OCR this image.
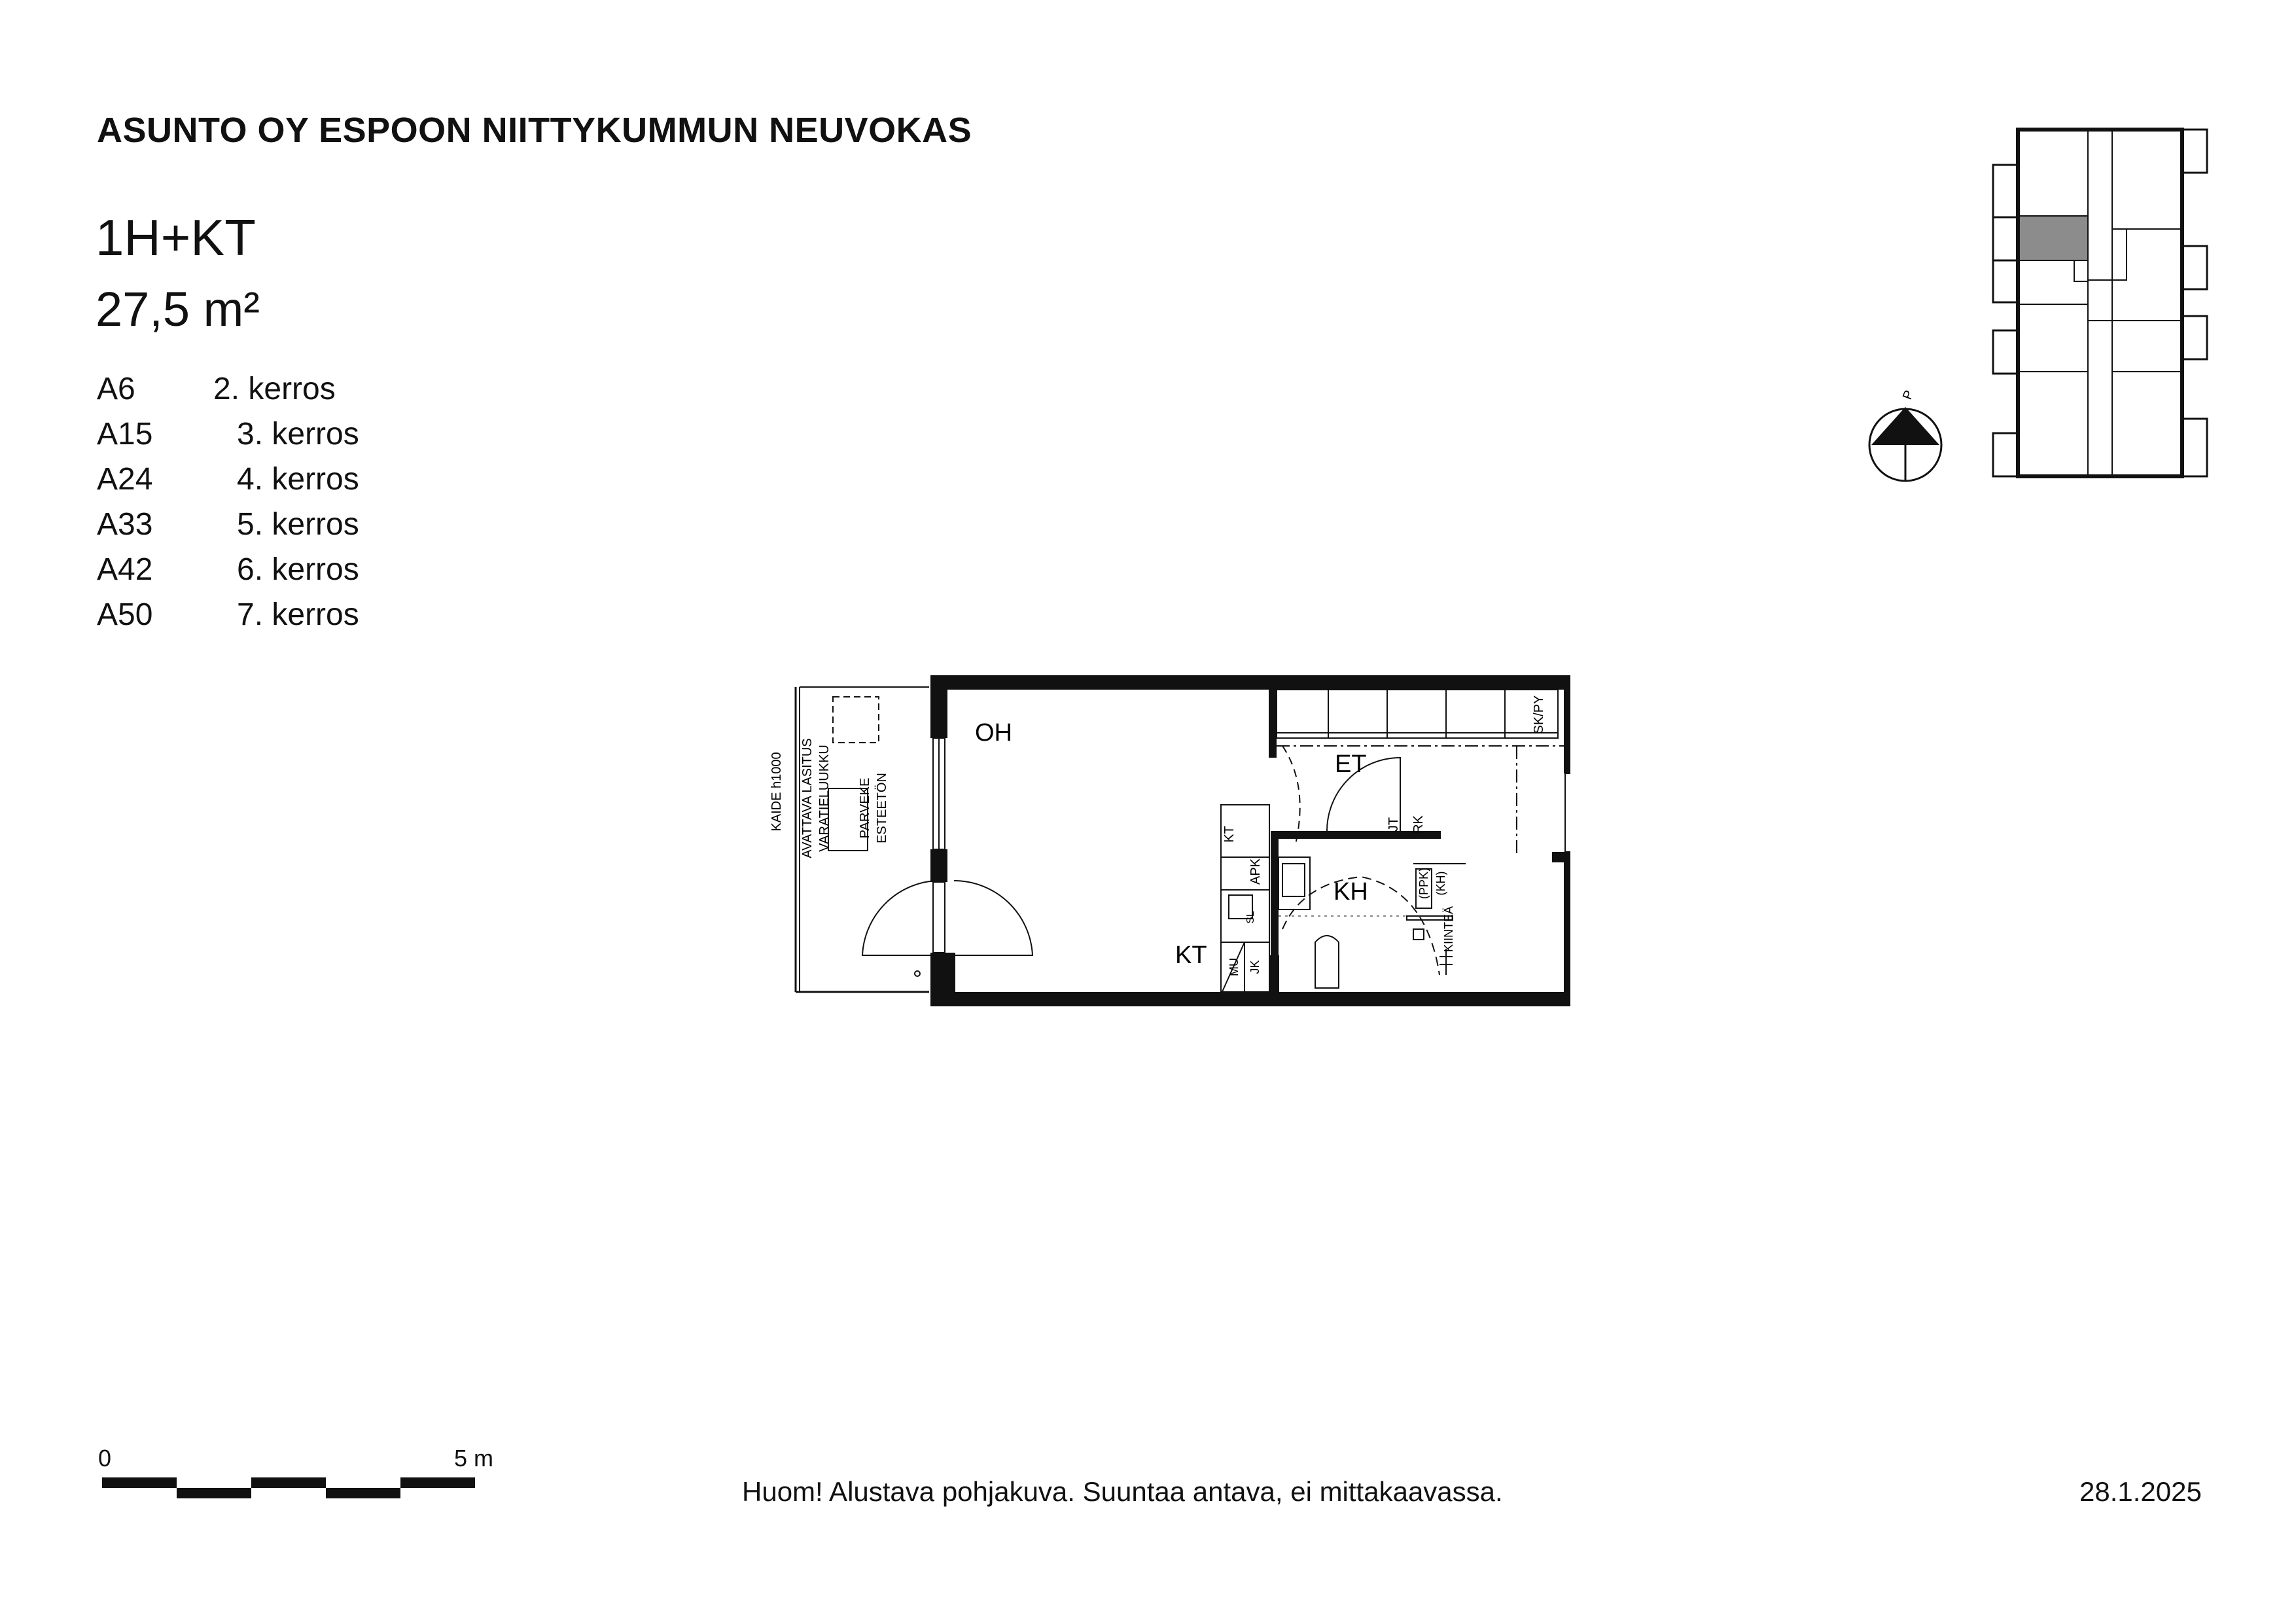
ASUNTO OY ESPOON NIITTYKUMMUN NEUVOKAS
1H+KT
27,5 m²
A6	2. kerros
A15	3. kerros
A24	4. kerros
A33	5. kerros
A42	6. kerros
A50	7. kerros
P
KAIDE h1000 AVATTAVA LASITUS VARATIELUUKKU PARVEKE ESTEETÖN	KT
APK
SL
MU JK
JT RK
(PPK) (KH)
KIINTEÄ
SK/PY
OH
ET
KH
KT
0	5 m
Huom! Alustava pohjakuva. Suuntaa antava, ei mittakaavassa.	28.1.2025
